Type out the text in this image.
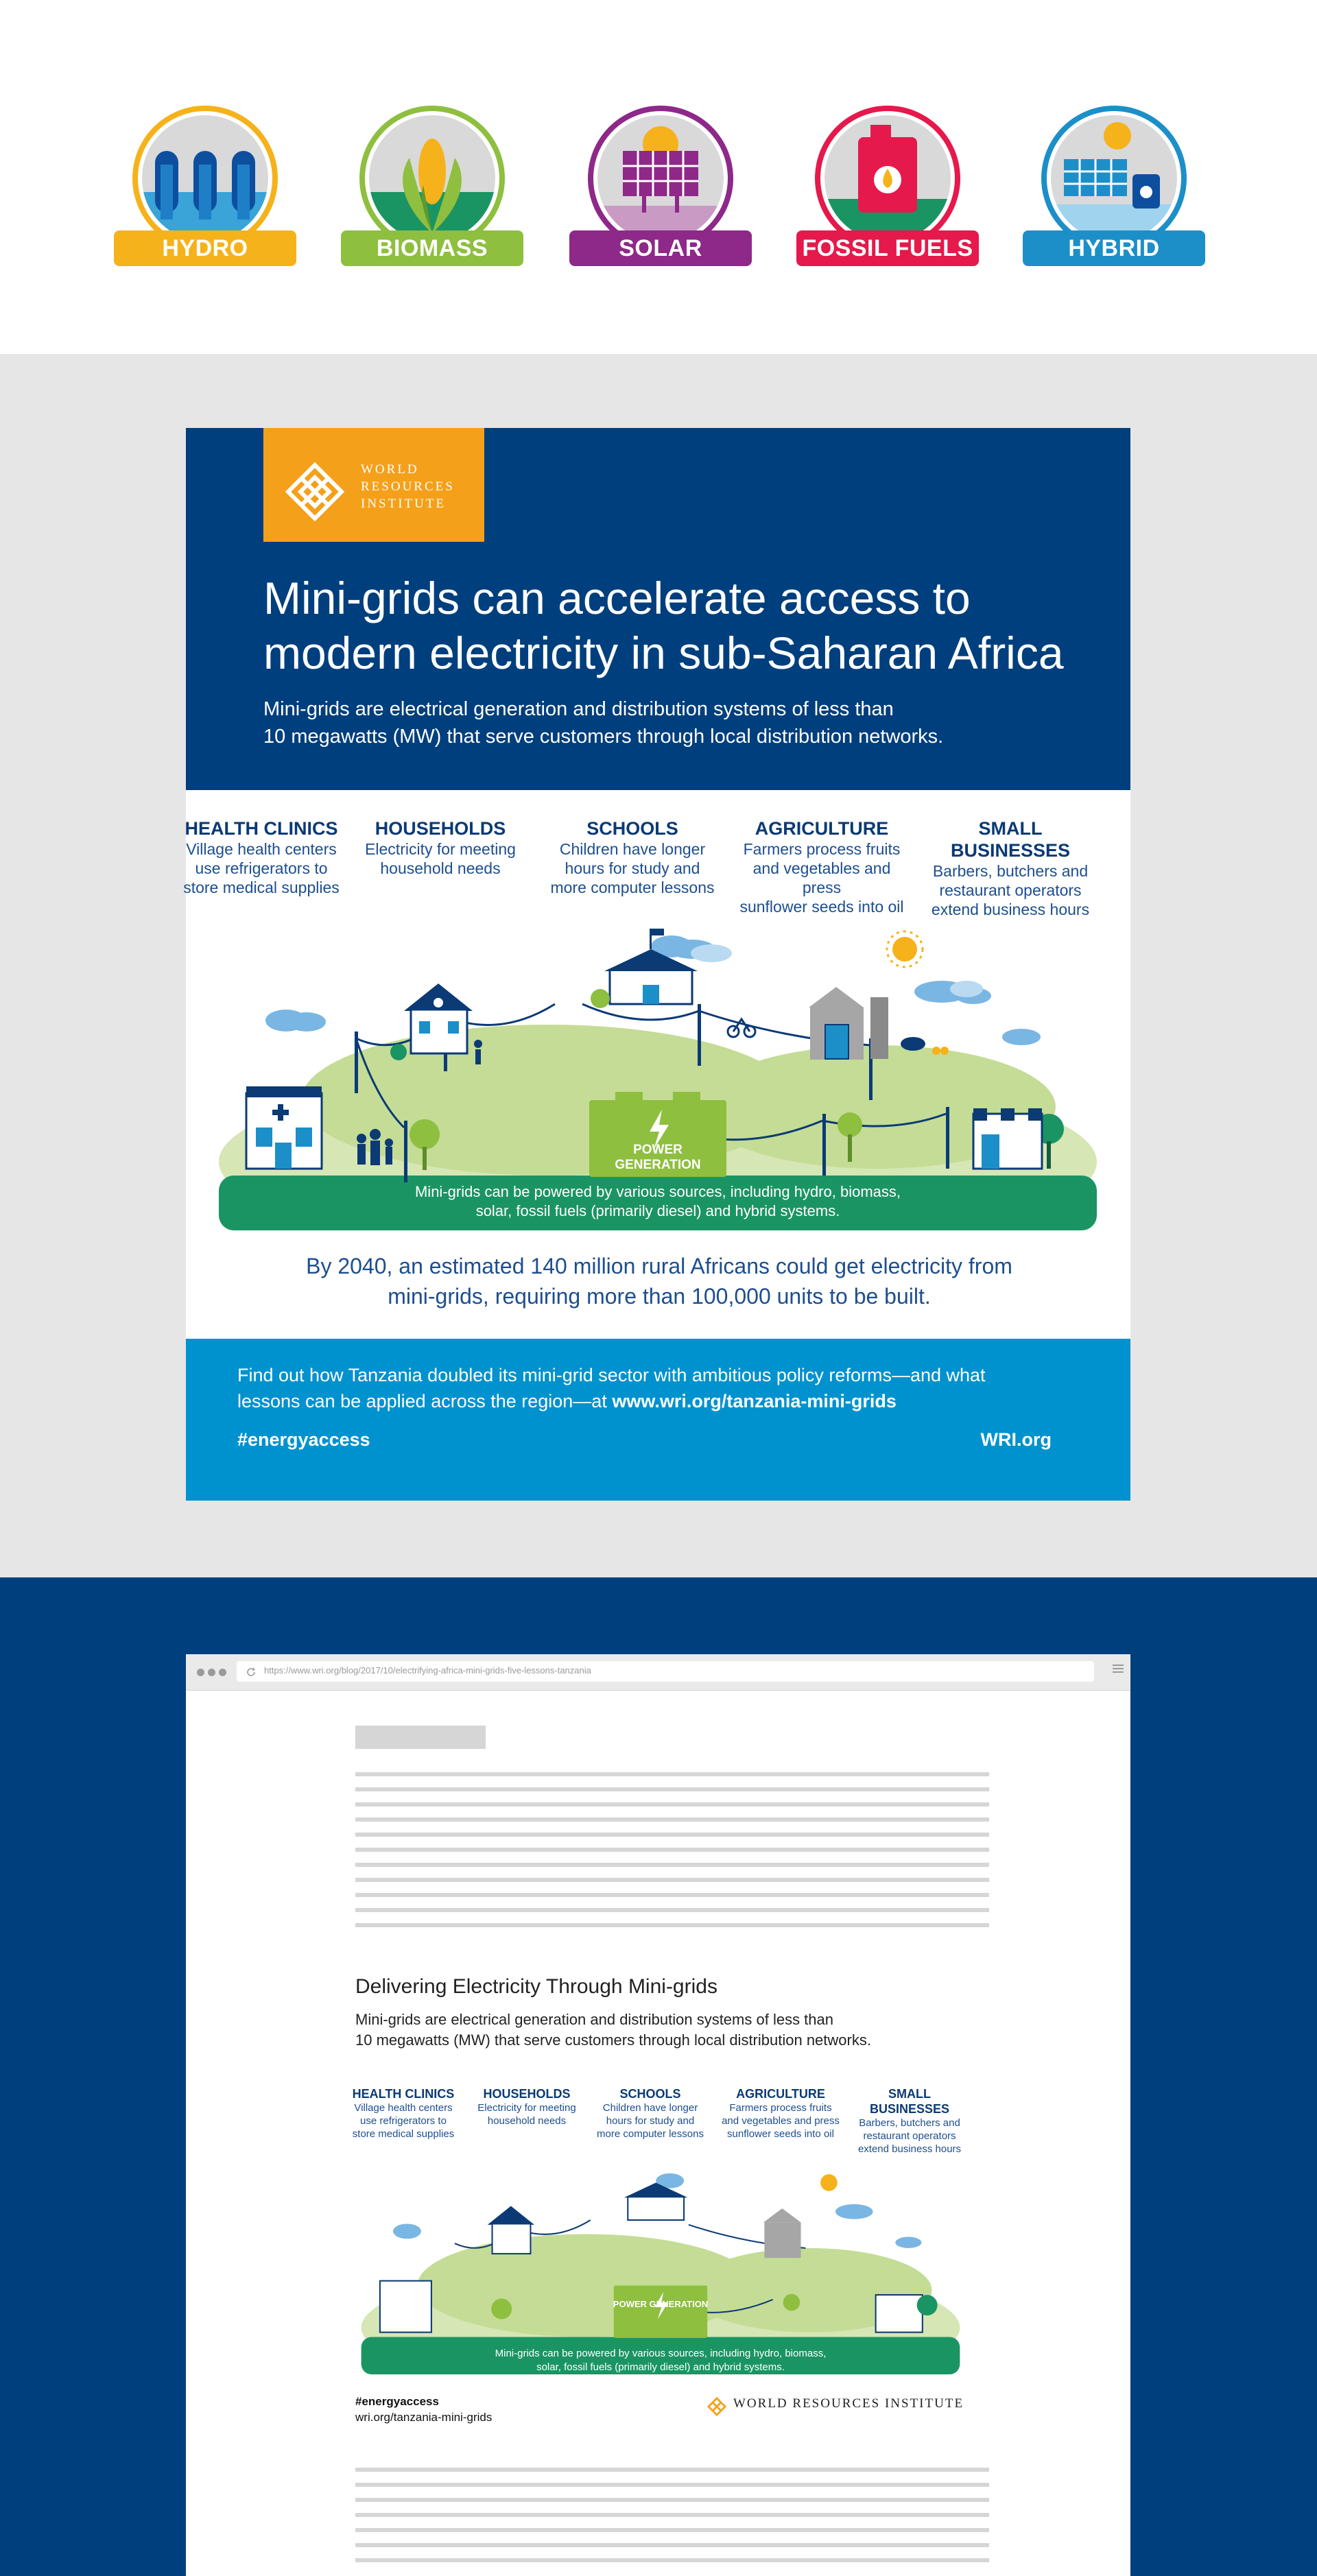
HYDRO	BIOMASS	SOLAR	FOSSIL FUELS	HYBRID
WORLD
RESOURCES
INSTITUTE
Mini-grids can accelerate access to
modern electricity in sub-Saharan Africa
Mini-grids are electrical generation and distribution systems of less than
10 megawatts (MW) that serve customers through local distribution networks.
HEALTH CLINICS
Village health centers
use refrigerators to
store medical supplies
HOUSEHOLDS
Electricity for meeting
household needs
SCHOOLS
Children have longer
hours for study and
more computer lessons
AGRICULTURE
Farmers process fruits
and vegetables and press
sunflower seeds into oil
SMALL BUSINESSES
Barbers, butchers and
restaurant operators
extend business hours
POWER GENERATION
Mini-grids can be powered by various sources, including hydro, biomass,
solar, fossil fuels (primarily diesel) and hybrid systems.
By 2040, an estimated 140 million rural Africans could get electricity from
mini-grids, requiring more than 100,000 units to be built.
Find out how Tanzania doubled its mini-grid sector with ambitious policy reforms—and what
lessons can be applied across the region—at www.wri.org/tanzania-mini-grids
#energyaccess	WRI.org
https://www.wri.org/blog/2017/10/electrifying-africa-mini-grids-five-lessons-tanzania
Delivering Electricity Through Mini-grids
Mini-grids are electrical generation and distribution systems of less than
10 megawatts (MW) that serve customers through local distribution networks.
HEALTH CLINICS
Village health centers
use refrigerators to
store medical supplies
HOUSEHOLDS
Electricity for meeting
household needs
SCHOOLS
Children have longer
hours for study and
more computer lessons
AGRICULTURE
Farmers process fruits
and vegetables and press
sunflower seeds into oil
SMALL BUSINESSES
Barbers, butchers and
restaurant operators
extend business hours
POWER GENERATION
Mini-grids can be powered by various sources, including hydro, biomass,
solar, fossil fuels (primarily diesel) and hybrid systems.
#energyaccess
wri.org/tanzania-mini-grids
WORLD RESOURCES INSTITUTE
